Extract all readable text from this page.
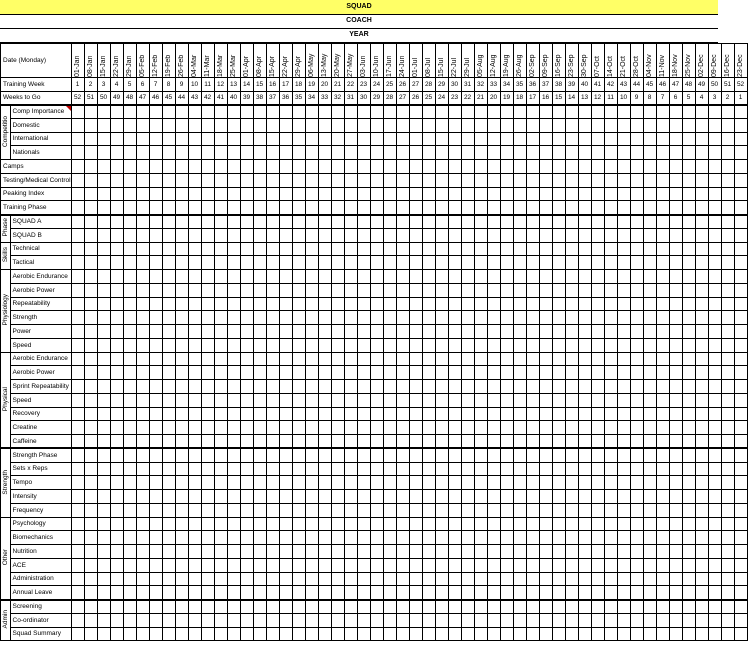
SQUAD
COACH
YEAR
Date (Monday)		01-Jan	08-Jan	15-Jan	22-Jan	29-Jan	05-Feb	12-Feb	19-Feb	26-Feb	04-Mar	11-Mar	18-Mar	25-Mar	01-Apr	08-Apr	15-Apr	22-Apr	29-Apr	06-May	13-May	20-May	27-May	03-Jun	10-Jun	17-Jun	24-Jun	01-Jul	08-Jul	15-Jul	22-Jul	29-Jul	05-Aug	12-Aug	19-Aug	26-Aug	02-Sep	09-Sep	16-Sep	23-Sep	30-Sep	07-Oct	14-Oct	21-Oct	28-Oct	04-Nov	11-Nov	18-Nov	25-Nov	02-Dec	09-Dec	16-Dec	23-Dec

Training Week		1	2	3	4	5	6	7	8	9	10	11	12	13	14	15	16	17	18	19	20	21	22	23	24	25	26	27	28	29	30	31	32	33	34	35	36	37	38	39	40	41	42	43	44	45	46	47	48	49	50	51	52
Weeks to Go		52	51	50	49	48	47	46	45	44	43	42	41	40	39	38	37	36	35	34	33	32	31	30	29	28	27	26	25	24	23	22	21	20	19	18	17	16	15	14	13	12	11	10	9	8	7	6	5	4	3	2	1
Competitio	Comp Importance																																																				
	Domestic																																																				
	International																																																				
	Nationals																																																				
Camps																																																					
Testing/Medical Control																																																					
Peaking Index																																																					
Training Phase																																																					
Phase	SQUAD A																																																				
	SQUAD B																																																				
Skills	Technical																																																				
	Tactical																																																				
Physiology	Aerobic Endurance																																																				
	Aerobic Power																																																				
	Repeatability																																																				
	Strength																																																				
	Power																																																				
	Speed																																																				
Physical	Aerobic Endurance																																																				
	Aerobic Power																																																				
	Sprint Repeatability																																																				
	Speed																																																				
	Recovery																																																				
	Creatine																																																				
	Caffeine																																																				
Strength	Strength Phase																																																				
	Sets x Reps																																																				
	Tempo																																																				
	Intensity																																																				
	Frequency																																																				
Other	Psychology																																																				
	Biomechanics																																																				
	Nutrition																																																				
	ACE																																																				
	Administration																																																				
	Annual Leave																																																				
Admin	Screening																																																				
	Co-ordinator																																																				
	Squad Summary																																																				
